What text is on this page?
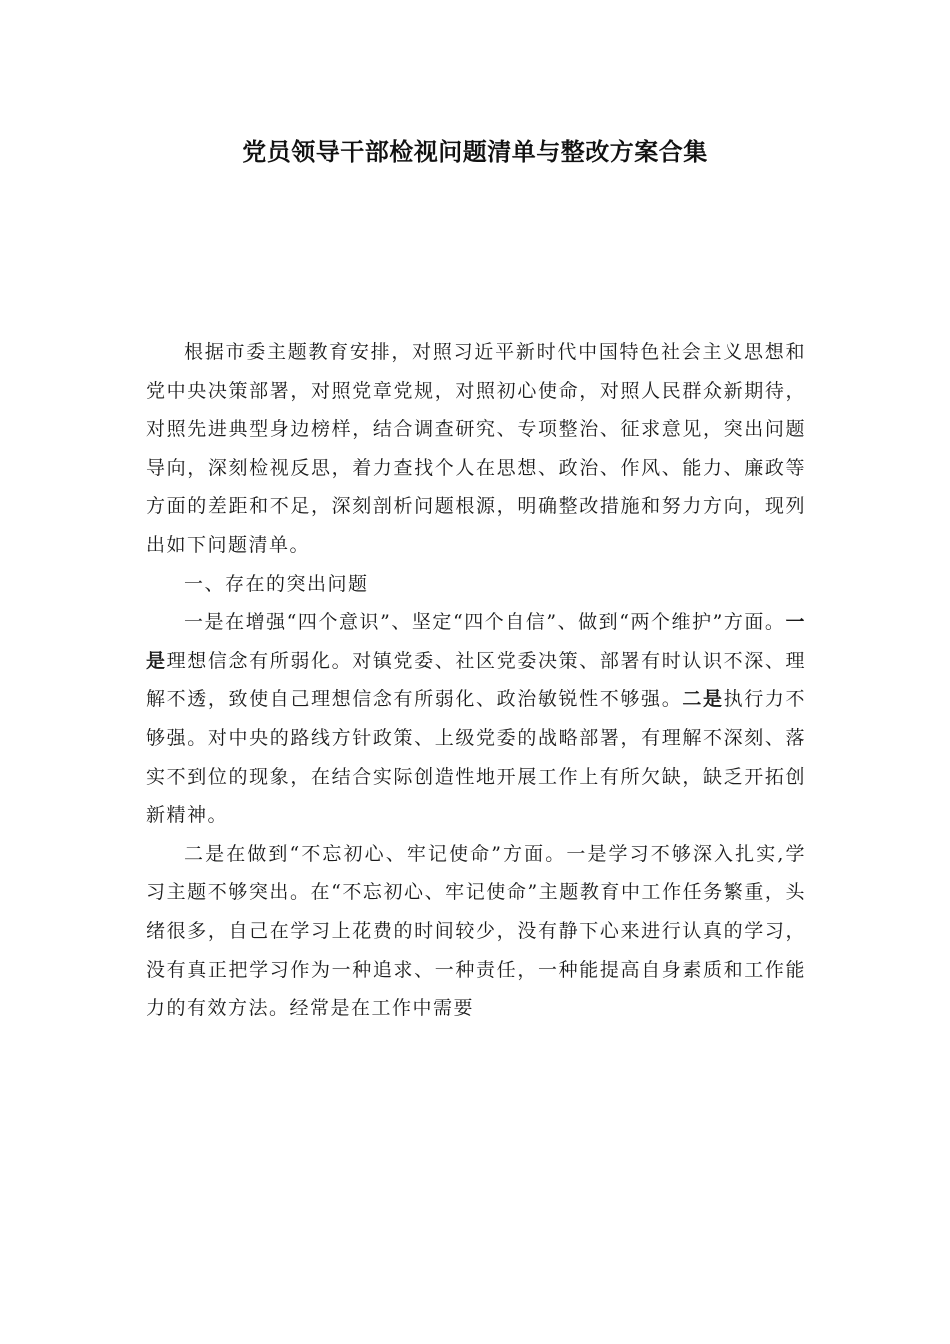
党员领导干部检视问题清单与整改方案合集

根据市委主题教育安排，对照习近平新时代中国特色社会主义思想和党中央决策部署，对照党章党规，对照初心使命，对照人民群众新期待，对照先进典型身边榜样，结合调查研究、专项整治、征求意见，突出问题导向，深刻检视反思，着力查找个人在思想、政治、作风、能力、廉政等方面的差距和不足，深刻剖析问题根源，明确整改措施和努力方向，现列出如下问题清单。

一、存在的突出问题

一是在增强“四个意识”、坚定“四个自信”、做到“两个维护”方面。一是理想信念有所弱化。对镇党委、社区党委决策、部署有时认识不深、理解不透，致使自己理想信念有所弱化、政治敏锐性不够强。二是执行力不够强。对中央的路线方针政策、上级党委的战略部署，有理解不深刻、落实不到位的现象，在结合实际创造性地开展工作上有所欠缺，缺乏开拓创新精神。

二是在做到“不忘初心、牢记使命”方面。一是学习不够深入扎实,学习主题不够突出。在“不忘初心、牢记使命”主题教育中工作任务繁重，头绪很多，自己在学习上花费的时间较少，没有静下心来进行认真的学习，没有真正把学习作为一种追求、一种责任，一种能提高自身素质和工作能力的有效方法。经常是在工作中需要
